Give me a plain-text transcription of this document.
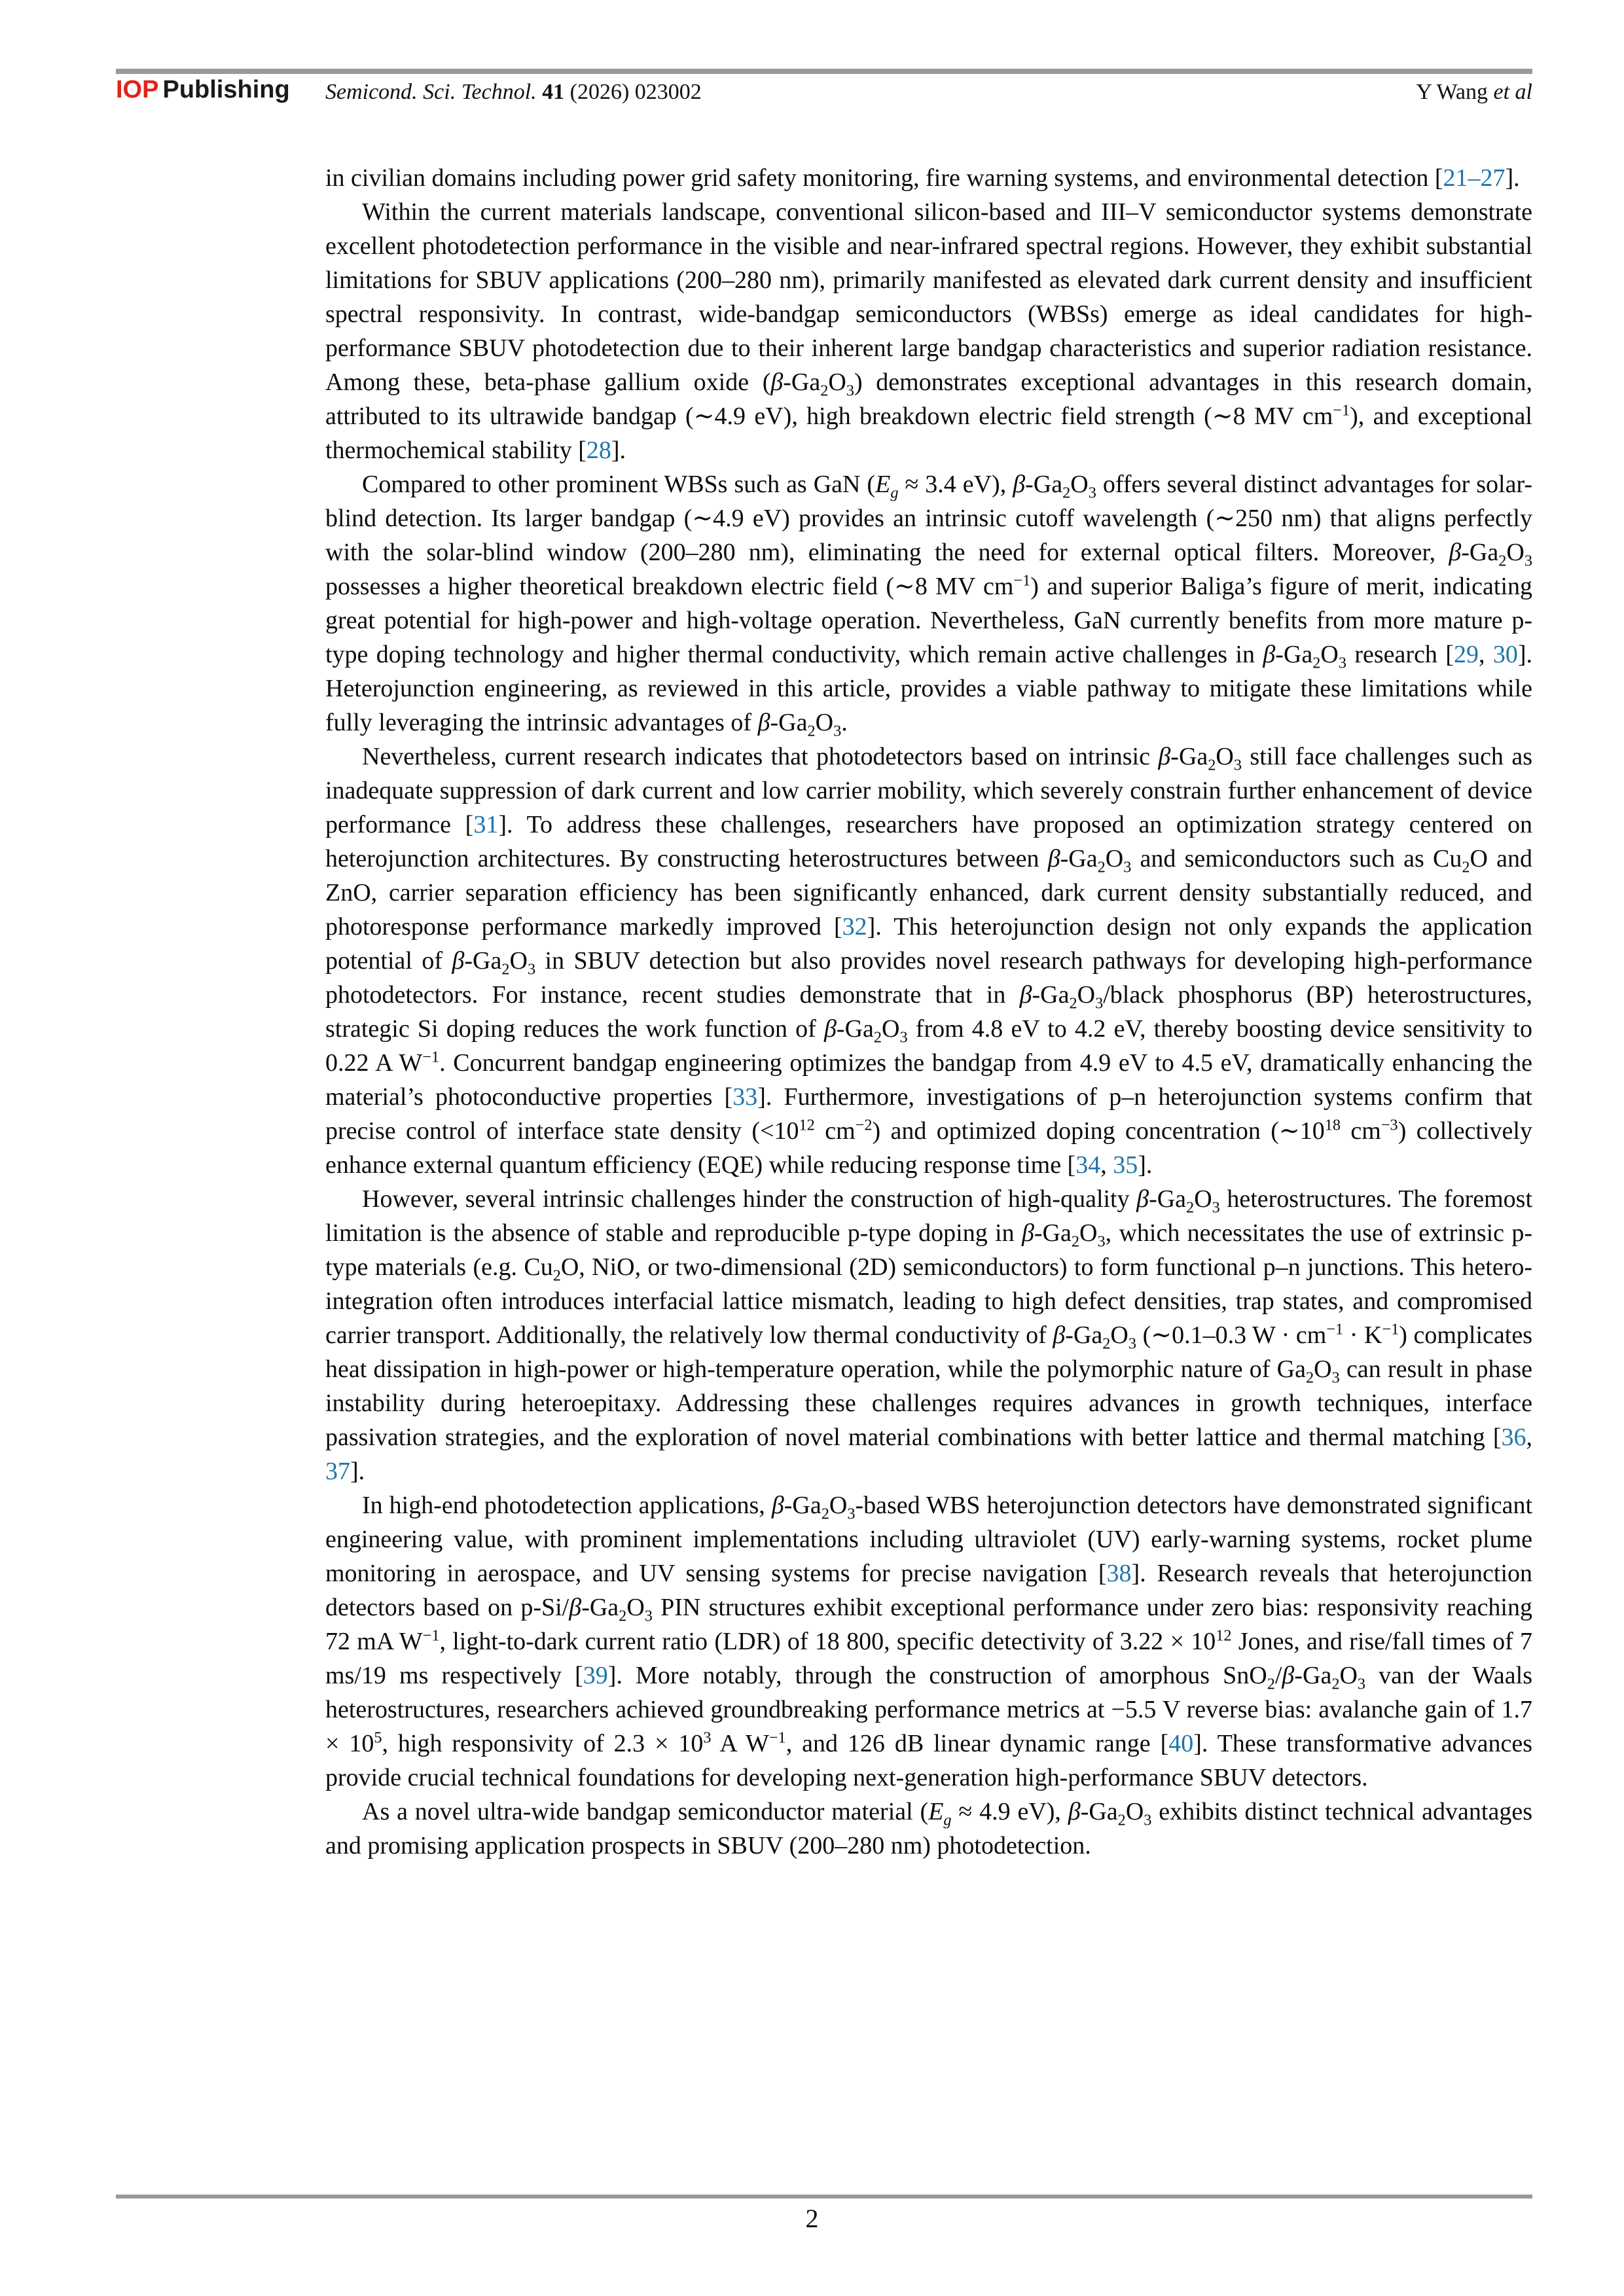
IOP Publishing Semicond. Sci. Technol. 41 (2026) 023002	Y Wang et al

in civilian domains including power grid safety monitoring, fire warning systems, and environmental detection [21–27].

Within the current materials landscape, conventional silicon-based and III–V semiconductor systems demonstrate excellent photodetection performance in the visible and near-infrared spectral regions. However, they exhibit substantial limitations for SBUV applications (200–280 nm), primarily manifested as elevated dark current density and insufficient spectral responsivity. In contrast, wide-bandgap semiconductors (WBSs) emerge as ideal candidates for high-performance SBUV photodetection due to their inherent large bandgap characteristics and superior radiation resistance. Among these, beta-phase gallium oxide $(\beta-Ga_2O_3)$ demonstrates exceptional advantages in this research domain, attributed to its ultrawide bandgap (∼4.9 eV), high breakdown electric field strength (∼8 MV $cm^{-1}$), and exceptional thermochemical stability [28].

Compared to other prominent WBSs such as GaN ($E_g \approx 3.4$ eV), $\beta-Ga_2O_3$ offers several distinct advantages for solar-blind detection. Its larger bandgap (∼4.9 eV) provides an intrinsic cutoff wavelength (∼250 nm) that aligns perfectly with the solar-blind window (200–280 nm), eliminating the need for external optical filters. Moreover, $\beta-Ga_2O_3$ possesses a higher theoretical breakdown electric field (∼8 MV $cm^{-1}$) and superior Baliga’s figure of merit, indicating great potential for high-power and high-voltage operation. Nevertheless, GaN currently benefits from more mature p-type doping technology and higher thermal conductivity, which remain active challenges in $\beta-Ga_2O_3$ research [29, 30]. Heterojunction engineering, as reviewed in this article, provides a viable pathway to mitigate these limitations while fully leveraging the intrinsic advantages of $\beta-Ga_2O_3$.

Nevertheless, current research indicates that photodetectors based on intrinsic $\beta-Ga_2O_3$ still face challenges such as inadequate suppression of dark current and low carrier mobility, which severely constrain further enhancement of device performance [31]. To address these challenges, researchers have proposed an optimization strategy centered on heterojunction architectures. By constructing heterostructures between $\beta-Ga_2O_3$ and semiconductors such as $Cu_2O$ and ZnO, carrier separation efficiency has been significantly enhanced, dark current density substantially reduced, and photoresponse performance markedly improved [32]. This heterojunction design not only expands the application potential of $\beta-Ga_2O_3$ in SBUV detection but also provides novel research pathways for developing high-performance photodetectors. For instance, recent studies demonstrate that in $\beta-Ga_2O_3$/black phosphorus (BP) heterostructures, strategic Si doping reduces the work function of $\beta-Ga_2O_3$ from 4.8 eV to 4.2 eV, thereby boosting device sensitivity to 0.22 A $W^{-1}$. Concurrent bandgap engineering optimizes the bandgap from 4.9 eV to 4.5 eV, dramatically enhancing the material’s photoconductive properties [33]. Furthermore, investigations of p–n heterojunction systems confirm that precise control of interface state density ($<10^{12}$ $cm^{-2}$) and optimized doping concentration ($\sim 10^{18}$ $cm^{-3}$) collectively enhance external quantum efficiency (EQE) while reducing response time [34, 35].

However, several intrinsic challenges hinder the construction of high-quality $\beta-Ga_2O_3$ heterostructures. The foremost limitation is the absence of stable and reproducible p-type doping in $\beta-Ga_2O_3$, which necessitates the use of extrinsic p-type materials (e.g. $Cu_2O$, NiO, or two-dimensional (2D) semiconductors) to form functional p–n junctions. This hetero-integration often introduces interfacial lattice mismatch, leading to high defect densities, trap states, and compromised carrier transport. Additionally, the relatively low thermal conductivity of $\beta-Ga_2O_3$ (∼0.1–0.3 $W \cdot cm^{-1} \cdot K^{-1}$) complicates heat dissipation in high-power or high-temperature operation, while the polymorphic nature of $Ga_2O_3$ can result in phase instability during heteroepitaxy. Addressing these challenges requires advances in growth techniques, interface passivation strategies, and the exploration of novel material combinations with better lattice and thermal matching [36, 37].

In high-end photodetection applications, $\beta-Ga_2O_3$-based WBS heterojunction detectors have demonstrated significant engineering value, with prominent implementations including ultraviolet (UV) early-warning systems, rocket plume monitoring in aerospace, and UV sensing systems for precise navigation [38]. Research reveals that heterojunction detectors based on $p-Si/\beta-Ga_2O_3$ PIN structures exhibit exceptional performance under zero bias: responsivity reaching 72 mA $W^{-1}$, light-to-dark current ratio (LDR) of 18 800, specific detectivity of $3.22 \times 10^{12}$ Jones, and rise/fall times of 7 ms/19 ms respectively [39]. More notably, through the construction of amorphous $SnO_2/\beta-Ga_2O_3$ van der Waals heterostructures, researchers achieved groundbreaking performance metrics at −5.5 V reverse bias: avalanche gain of $1.7 \times 10^5$, high responsivity of $2.3 \times 10^3$ A $W^{-1}$, and 126 dB linear dynamic range [40]. These transformative advances provide crucial technical foundations for developing next-generation high-performance SBUV detectors.

As a novel ultra-wide bandgap semiconductor material ($E_g \approx 4.9$ eV), $\beta-Ga_2O_3$ exhibits distinct technical advantages and promising application prospects in SBUV (200–280 nm) photodetection.

2
